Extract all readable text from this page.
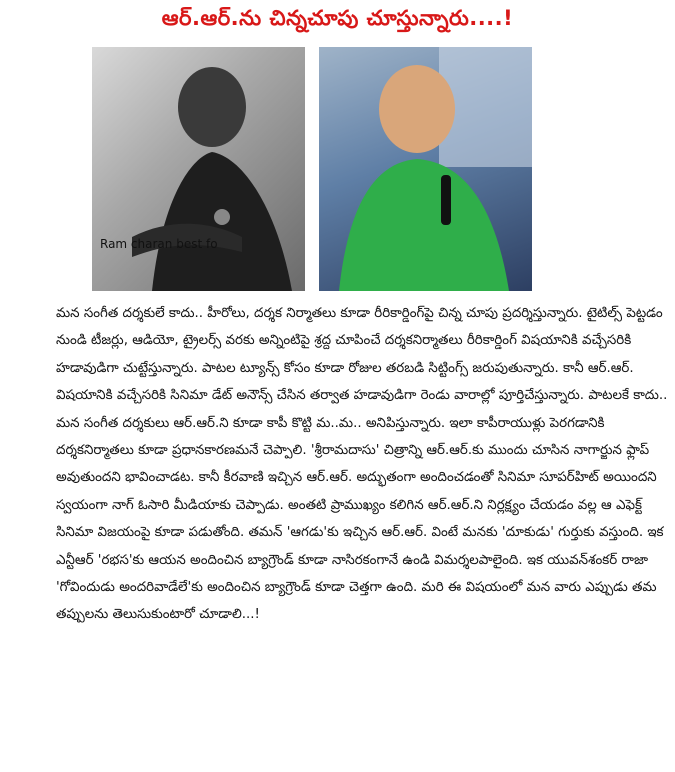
ఆర్.ఆర్.ను చిన్నచూపు చూస్తున్నారు....!
Ram charan best fo

మన సంగీత దర్శకులే కాదు.. హీరోలు, దర్శక నిర్మాతలు కూడా రీరికార్డింగ్‌పై చిన్న చూపు ప్రదర్శిస్తున్నారు. టైటిల్స్ పెట్టడం నుండి టీజర్లు, ఆడియో, ట్రైలర్స్ వరకు అన్నింటిపై శ్రద్ద చూపించే దర్శకనిర్మాతలు రీరికార్డింగ్ విషయానికి వచ్చేసరికి హడావుడిగా చుట్టేస్తున్నారు. పాటల ట్యూన్స్ కోసం కూడా రోజుల తరబడి సిట్టింగ్స్ జరుపుతున్నారు. కానీ ఆర్.ఆర్. విషయానికి వచ్చేసరికి సినిమా డేట్ అనౌన్స్ చేసిన తర్వాత హడావుడిగా రెండు వారాల్లో పూర్తిచేస్తున్నారు. పాటలకే కాదు.. మన సంగీత దర్శకులు ఆర్.ఆర్.ని కూడా కాపీ కొట్టి మ..మ.. అనిపిస్తున్నారు. ఇలా కాపీరాయుళ్లు పెరగడానికి దర్శకనిర్మాతలు కూడా ప్రధానకారణమనే చెప్పాలి. 'శ్రీరామదాసు' చిత్రాన్ని ఆర్.ఆర్.కు ముందు చూసిన నాగార్జున ఫ్లాప్ అవుతుందని భావించాడట. కానీ కీరవాణి ఇచ్చిన ఆర్.ఆర్. అద్భుతంగా అందించడంతో సినిమా సూపర్‌హిట్ అయిందని స్వయంగా నాగ్ ఓసారి మీడియాకు చెప్పాడు. అంతటి ప్రాముఖ్యం కలిగిన ఆర్.ఆర్.ని నిర్లక్ష్యం చేయడం వల్ల ఆ ఎఫెక్ట్ సినిమా విజయంపై కూడా పడుతోంది. తమన్ 'ఆగడు'కు ఇచ్చిన ఆర్.ఆర్. వింటే మనకు 'దూకుడు' గుర్తుకు వస్తుంది. ఇక ఎన్టీఆర్ 'రభస'కు ఆయన అందించిన బ్యాగ్రౌండ్ కూడా నాసిరకంగానే ఉండి విమర్శలపాలైంది. ఇక యువన్‌శంకర్ రాజా 'గోవిందుడు అందరివాడేలే'కు అందించిన బ్యాగ్రౌండ్ కూడా చెత్తగా ఉంది. మరి ఈ విషయంలో మన వారు ఎప్పుడు తమ తప్పులను తెలుసుకుంటారో చూడాలి...!
